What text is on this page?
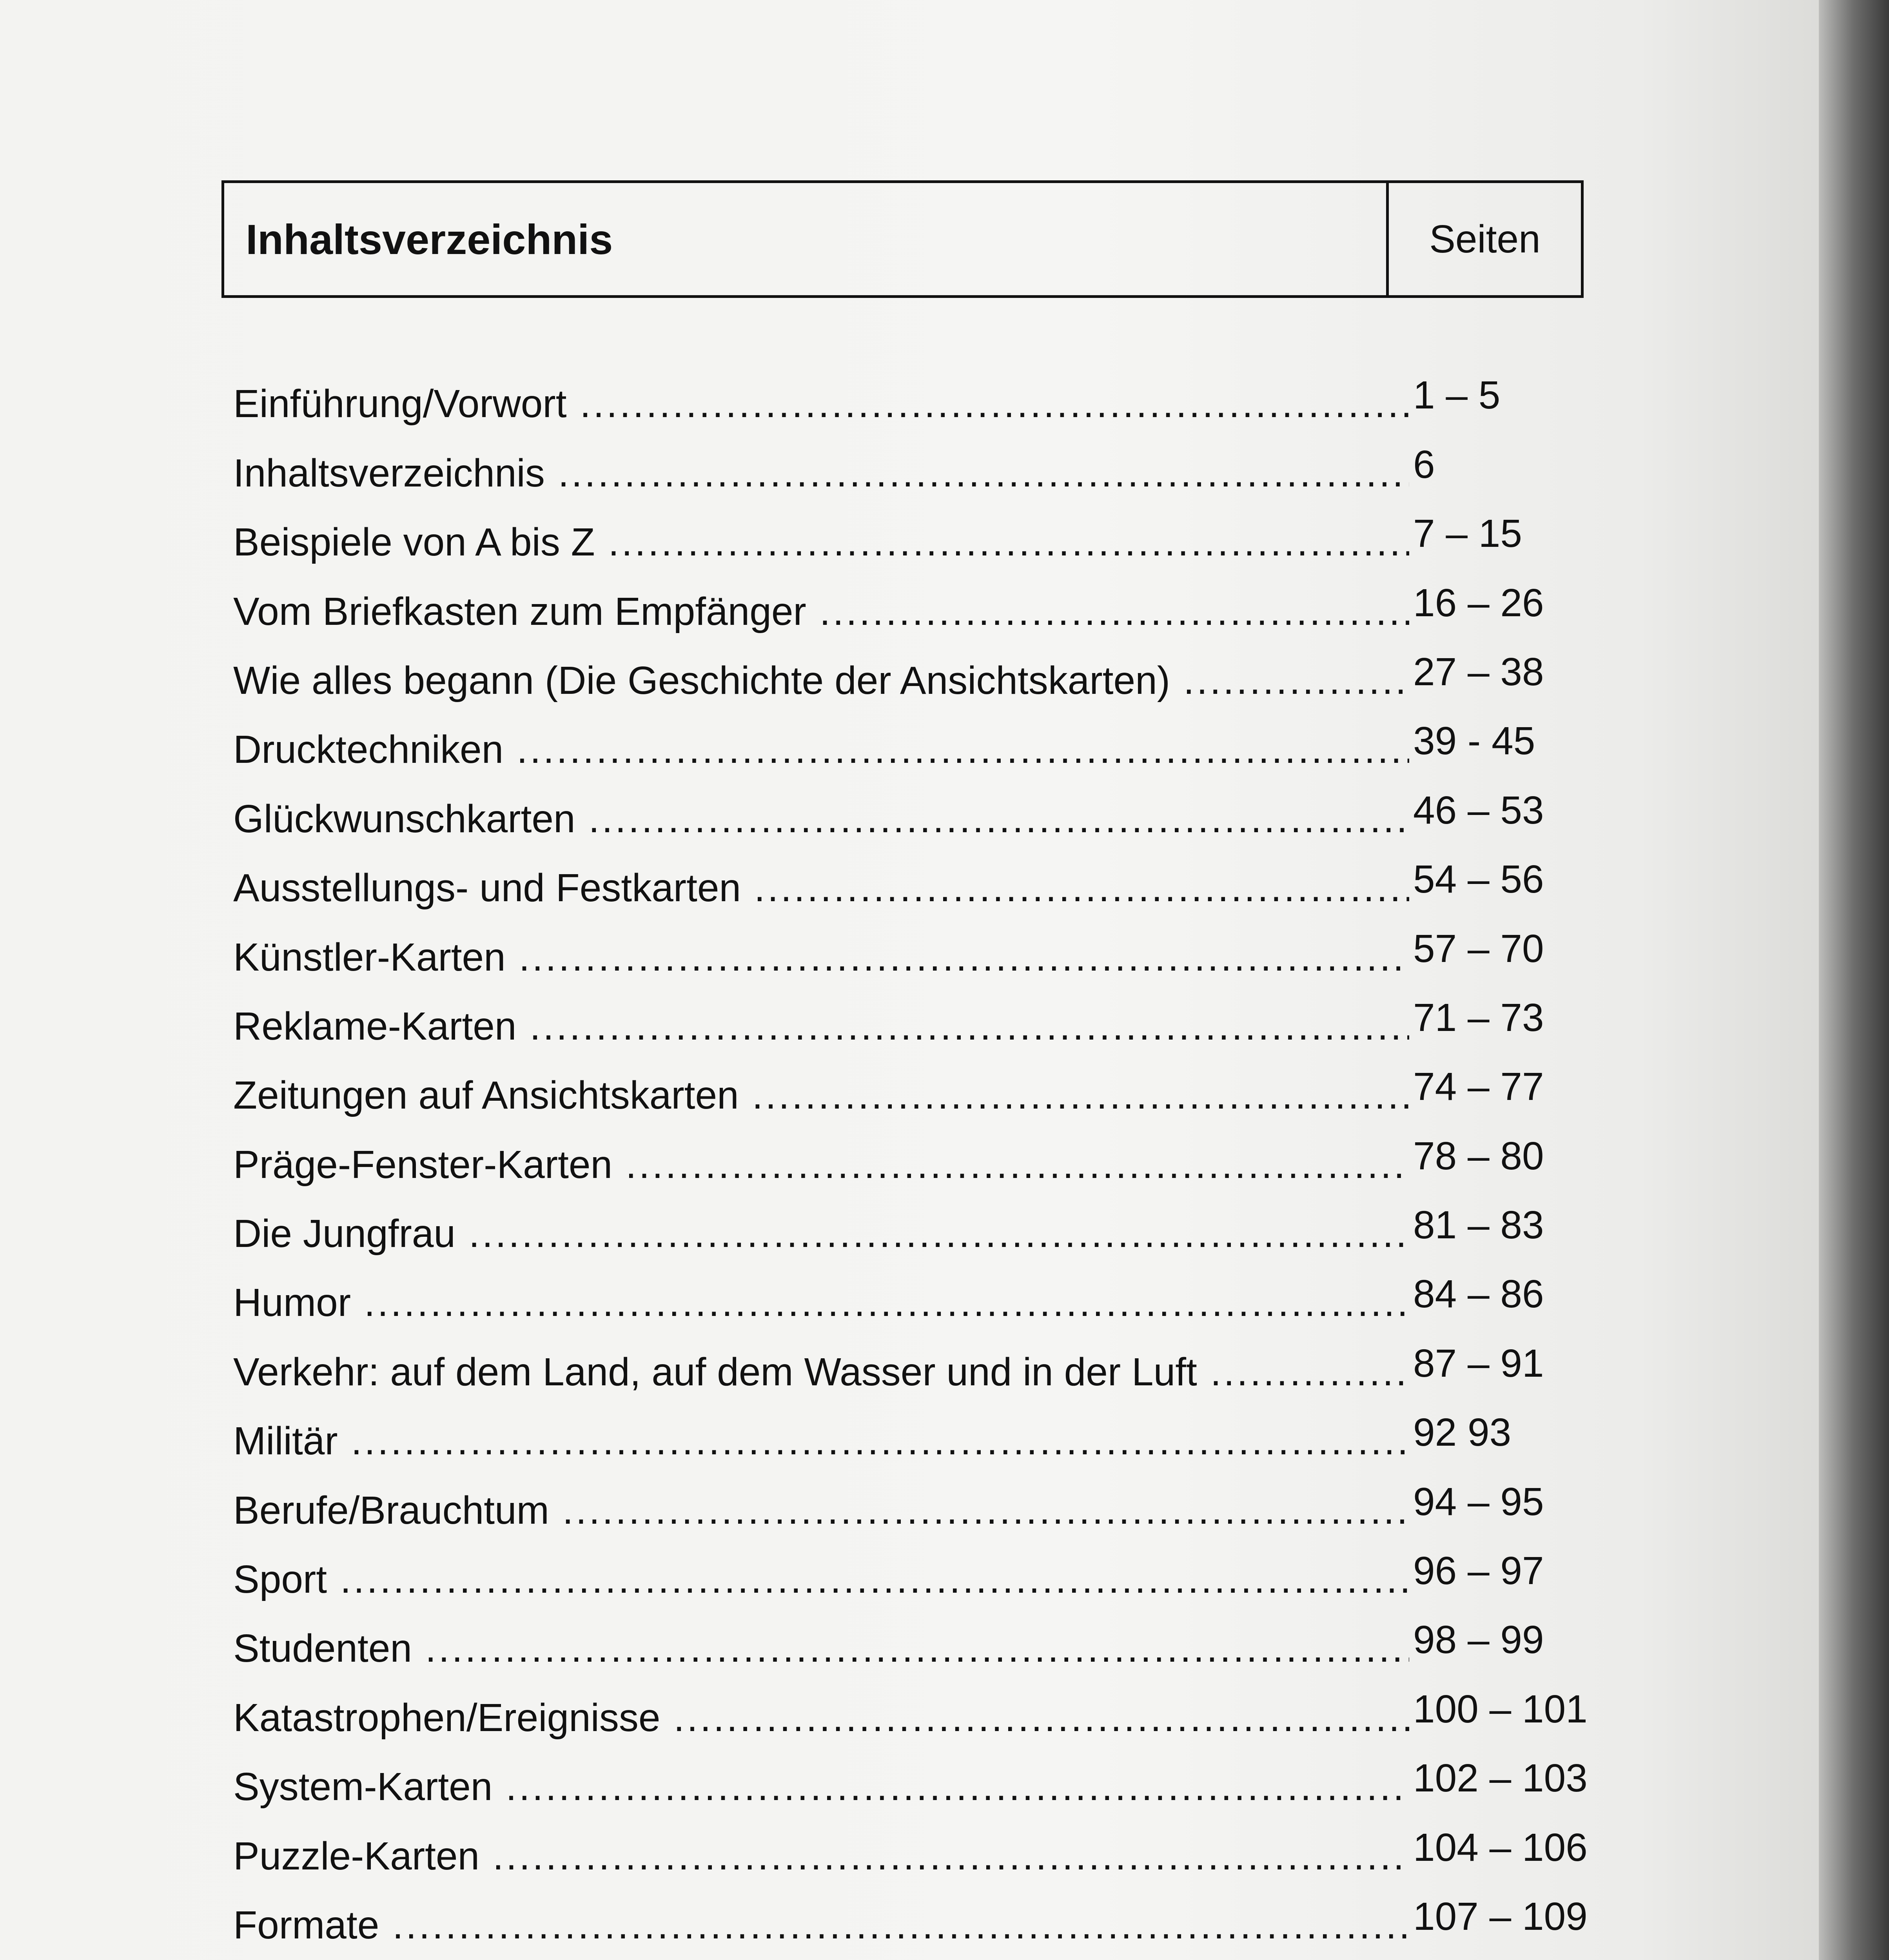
Inhaltsverzeichnis	Seiten
Einführung/Vorwort .....	1 – 5
Inhaltsverzeichnis .....	6
Beispiele von A bis Z .....	7 – 15
Vom Briefkasten zum Empfänger .....	16 – 26
Wie alles begann (Die Geschichte der Ansichtskarten) .....	27 – 38
Drucktechniken .....	39 - 45
Glückwunschkarten .....	46 – 53
Ausstellungs- und Festkarten .....	54 – 56
Künstler-Karten .....	57 – 70
Reklame-Karten .....	71 – 73
Zeitungen auf Ansichtskarten .....	74 – 77
Präge-Fenster-Karten .....	78 – 80
Die Jungfrau .....	81 – 83
Humor .....	84 – 86
Verkehr: auf dem Land, auf dem Wasser und in der Luft .....	87 – 91
Militär .....	92 93
Berufe/Brauchtum .....	94 – 95
Sport .....	96 – 97
Studenten .....	98 – 99
Katastrophen/Ereignisse .....	100 – 101
System-Karten .....	102 – 103
Puzzle-Karten .....	104 – 106
Formate .....	107 – 109
